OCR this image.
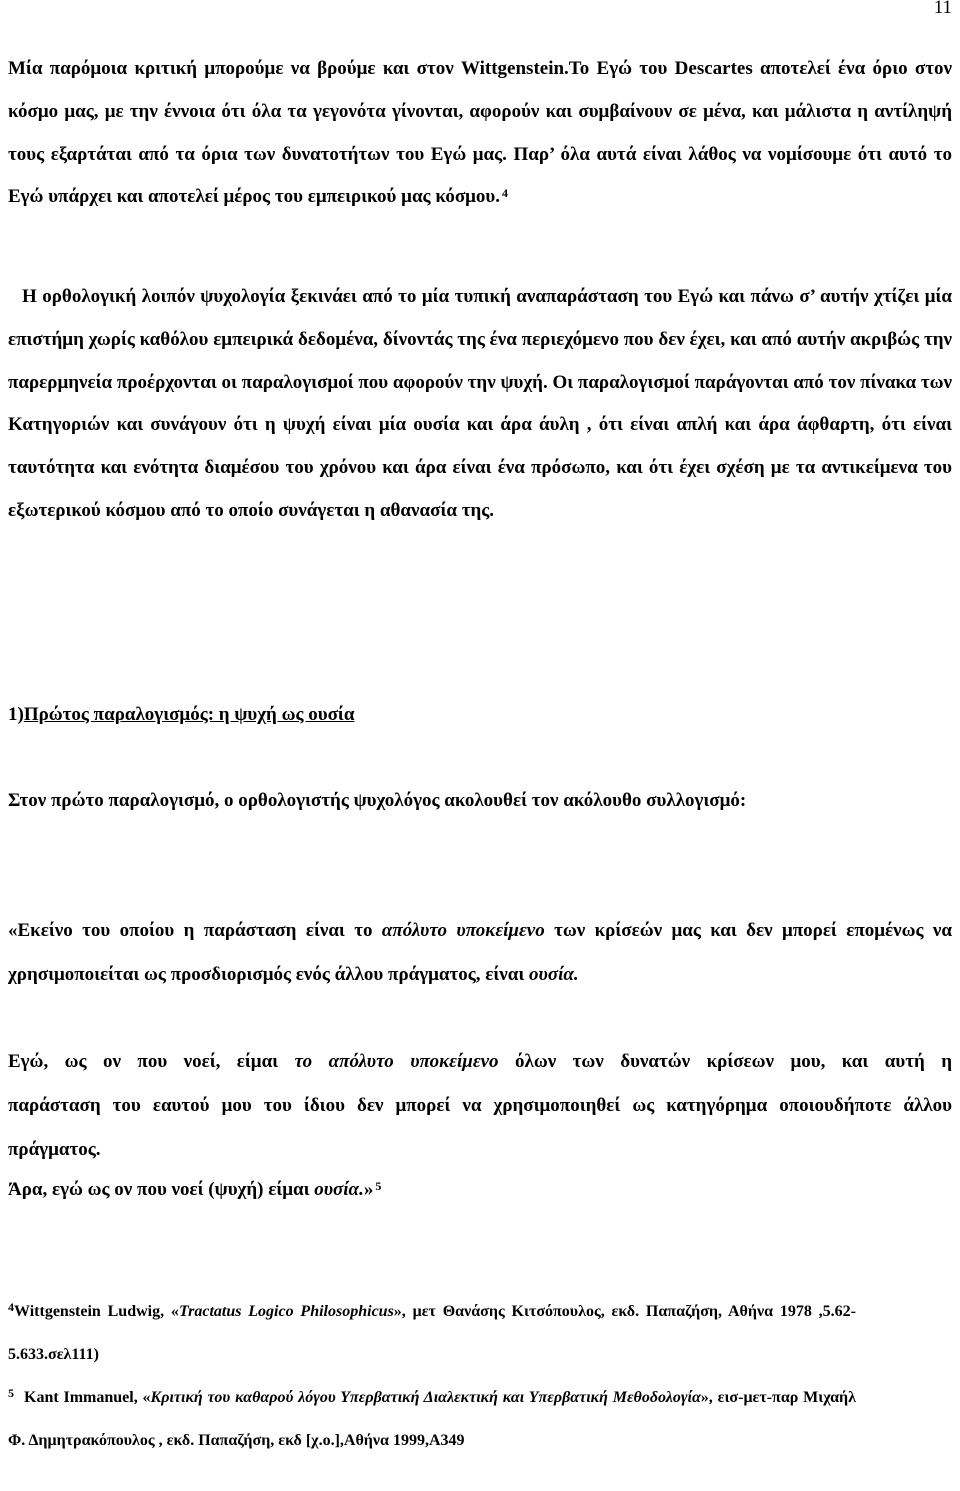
11

Μία παρόμοια κριτική μπορούμε να βρούμε και στον Wittgenstein.Το Εγώ του Descartes αποτελεί ένα όριο στον κόσμο μας, με την έννοια ότι όλα τα γεγονότα γίνονται, αφορούν και συμβαίνουν σε μένα, και μάλιστα η αντίληψή τους εξαρτάται από τα όρια των δυνατοτήτων του Εγώ μας. Παρ’ όλα αυτά είναι λάθος να νομίσουμε ότι αυτό το Εγώ υπάρχει και αποτελεί μέρος του εμπειρικού μας κόσμου. $^4$

Η ορθολογική λοιπόν ψυχολογία ξεκινάει από το μία τυπική αναπαράσταση του Εγώ και πάνω σ’ αυτήν χτίζει μία επιστήμη χωρίς καθόλου εμπειρικά δεδομένα, δίνοντάς της ένα περιεχόμενο που δεν έχει, και από αυτήν ακριβώς την παρερμηνεία προέρχονται οι παραλογισμοί που αφορούν την ψυχή. Οι παραλογισμοί παράγονται από τον πίνακα των Κατηγοριών και συνάγουν ότι η ψυχή είναι μία ουσία και άρα άυλη , ότι είναι απλή και άρα άφθαρτη, ότι είναι ταυτότητα και ενότητα διαμέσου του χρόνου και άρα είναι ένα πρόσωπο, και ότι έχει σχέση με τα αντικείμενα του εξωτερικού κόσμου από το οποίο συνάγεται η αθανασία της.

1)Πρώτος παραλογισμός: η ψυχή ως ουσία

Στον πρώτο παραλογισμό, ο ορθολογιστής ψυχολόγος ακολουθεί τον ακόλουθο συλλογισμό:

«Εκείνο του οποίου η παράσταση είναι το απόλυτο υποκείμενο των κρίσεών μας και δεν μπορεί επομένως να χρησιμοποιείται ως προσδιορισμός ενός άλλου πράγματος, είναι ουσία.

Εγώ, ως ον που νοεί, είμαι το απόλυτο υποκείμενο όλων των δυνατών κρίσεων μου, και αυτή η παράσταση του εαυτού μου του ίδιου δεν μπορεί να χρησιμοποιηθεί ως κατηγόρημα οποιουδήποτε άλλου πράγματος.

Άρα, εγώ ως ον που νοεί (ψυχή) είμαι ουσία.» $^5$

$^4$Wittgenstein Ludwig, «Tractatus Logico Philosophicus», μετ Θανάσης Κιτσόπουλος, εκδ. Παπαζήση, Αθήνα 1978 ,5.62-5.633.σελ111)
$^5$ Kant Immanuel, «Κριτική του καθαρού λόγου Υπερβατική Διαλεκτική και Υπερβατική Μεθοδολογία», εισ-μετ-παρ Μιχαήλ Φ. Δημητρακόπουλος , εκδ. Παπαζήση, εκδ [χ.ο.],Αθήνα 1999,Α349
